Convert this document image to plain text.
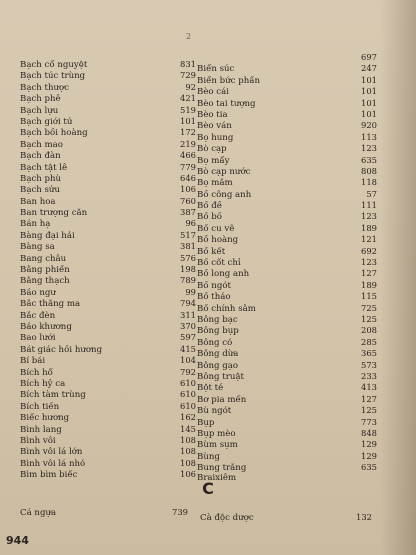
2
Bạch cổ nguyệt	831
Bạch túc trùng	729
Bạch thược	92
Bạch phê	421
Bạch lựu	519
Bạch giới tử	101
Bạch bồi hoàng	172
Bạch mao	219
Bạch đàn	466
Bạch tật lê	779
Bạch phù	646
Bạch sửu	106
Ban hoa	760
Ban trượng căn	387
Bán hạ	96
Bàng đại hải	517
Bàng sa	381
Bang châu	576
Bằng phiến	198
Bằng thạch	789
Bảo ngư	99
Bắc thăng ma	794
Bắc đèn	311
Bảo khương	370
Bao lưới	597
Bát giác hồi hương	415
Bí bái	104
Bích hổ	792
Bích hỷ ca	610
Bích tàm trùng	610
Bích tiền	610
Biếc hương	162
Bình lang	145
Bình vôi	108
Bình vôi lá lớn	108
Bình vôi lá nhỏ	108
Bìm bìm biếc	106
697
Biển súc	247
Biển bức phấn	101
Bèo cái	101
Bèo tai tượng	101
Bèo tia	101
Bèo ván	920
Bọ hung	113
Bò cạp	123
Bọ mẩy	635
Bò cạp nước	808
Bọ mắm	118
Bồ công anh	57
Bồ đề	111
Bồ bồ	123
Bồ cu vẽ	189
Bồ hoàng	121
Bồ kết	692
Bồ cốt chỉ	123
Bồ long anh	127
Bồ ngót	189
Bồ thảo	115
Bồ chính sâm	725
Bông bạc	125
Bông bụp	208
Bông cỏ	285
Bông dừa	365
Bông gạo	573
Bông truật	233
Bột tẻ	413
Bơ pia mến	127
Bù ngót	125
Bụp	773
Bụp mèo	848
Bùm sụm	129
Bùng	129
Bung trắng	635
Braixiêm
C
Cá ngựa	739
Cà độc dược	132
944
